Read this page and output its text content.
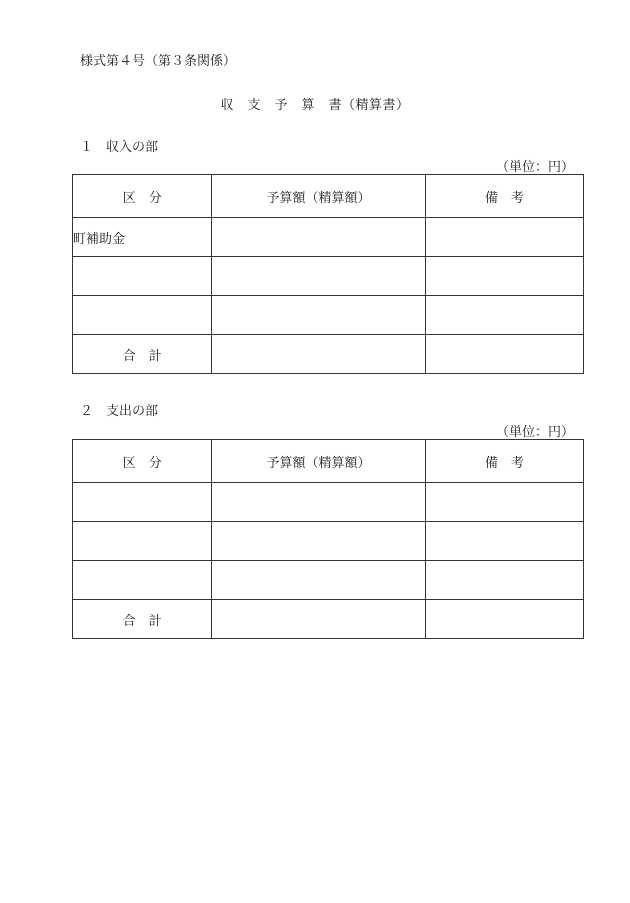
様式第４号（第３条関係）
収　支　予　算　書（精算書）
１　収入の部
（単位：円）
区　分	予算額（精算額）	備　考
町補助金		

合　計		
２　支出の部
（単位：円）
区　分	予算額（精算額）	備　考

合　計		
